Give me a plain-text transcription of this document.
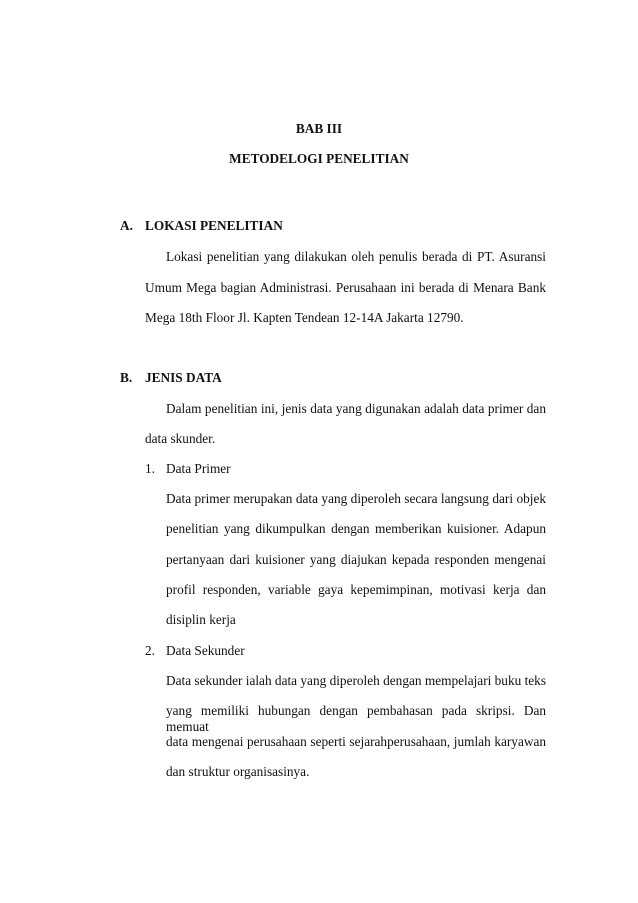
BAB III
METODELOGI PENELITIAN
A. LOKASI PENELITIAN
Lokasi penelitian yang dilakukan oleh penulis berada di PT. Asuransi
Umum Mega bagian Administrasi. Perusahaan ini berada di Menara Bank
Mega 18th Floor Jl. Kapten Tendean 12-14A Jakarta 12790.
B. JENIS DATA
Dalam penelitian ini, jenis data yang digunakan adalah data primer dan
data skunder.
1. Data Primer
Data primer merupakan data yang diperoleh secara langsung dari objek
penelitian yang dikumpulkan dengan memberikan kuisioner. Adapun
pertanyaan dari kuisioner yang diajukan kepada responden mengenai
profil responden, variable gaya kepemimpinan, motivasi kerja dan
disiplin kerja
2. Data Sekunder
Data sekunder ialah data yang diperoleh dengan mempelajari buku teks
yang memiliki hubungan dengan pembahasan pada skripsi. Dan memuat
data mengenai perusahaan seperti sejarahperusahaan, jumlah karyawan
dan struktur organisasinya.
